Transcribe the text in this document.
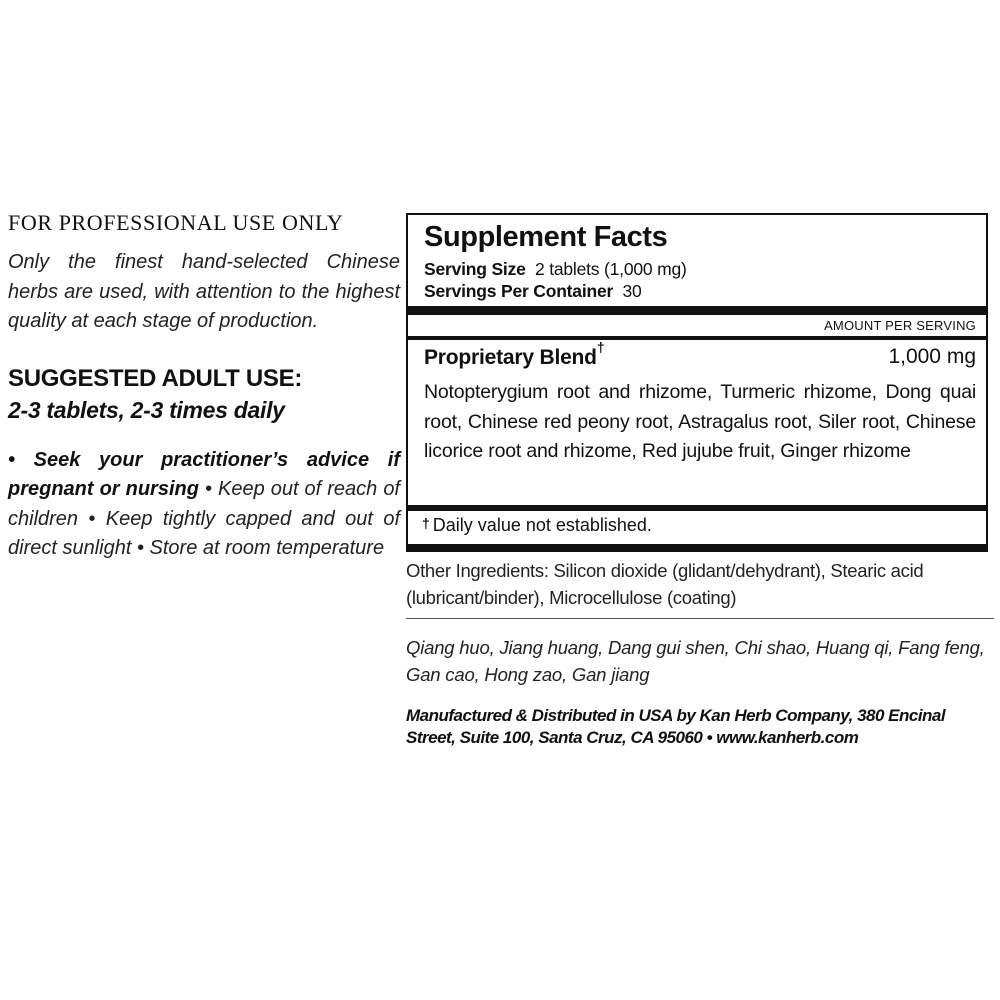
FOR PROFESSIONAL USE ONLY

Only the finest hand-selected Chinese herbs are used, with attention to the highest quality at each stage of production.

SUGGESTED ADULT USE:
2-3 tablets, 2-3 times daily

• Seek your practitioner’s advice if pregnant or nursing • Keep out of reach of children • Keep tightly capped and out of direct sunlight • Store at room temperature

Supplement Facts
Serving Size 2 tablets (1,000 mg)
Servings Per Container 30
AMOUNT PER SERVING
Proprietary Blend†	1,000 mg
Notopterygium root and rhizome, Turmeric rhizome, Dong quai root, Chinese red peony root, Astragalus root, Siler root, Chinese licorice root and rhizome, Red jujube fruit, Ginger rhizome
† Daily value not established.
Other Ingredients: Silicon dioxide (glidant/dehydrant), Stearic acid (lubricant/binder), Microcellulose (coating)
Qiang huo, Jiang huang, Dang gui shen, Chi shao, Huang qi, Fang feng, Gan cao, Hong zao, Gan jiang
Manufactured & Distributed in USA by Kan Herb Company, 380 Encinal Street, Suite 100, Santa Cruz, CA 95060 • www.kanherb.com
